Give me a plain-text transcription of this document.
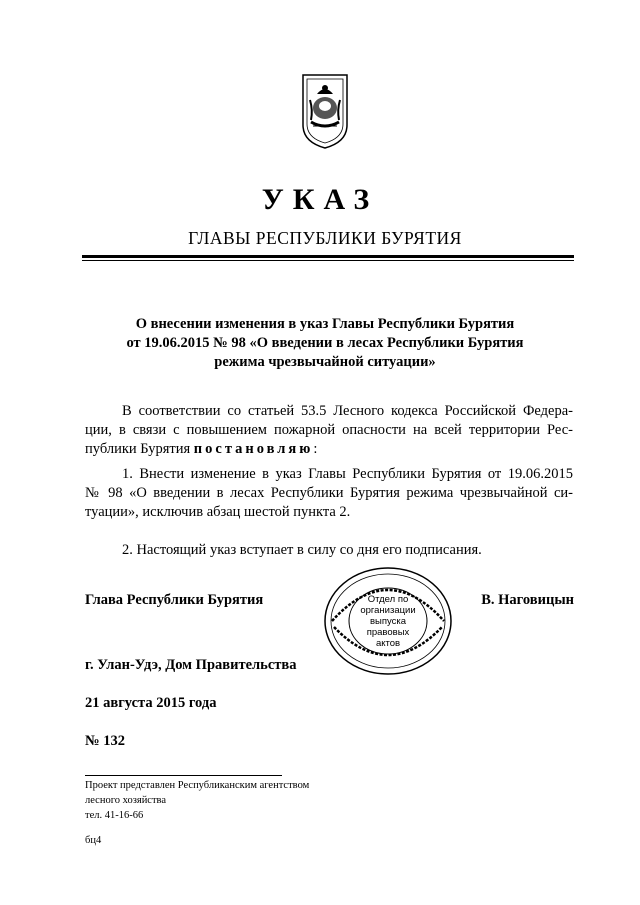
УКАЗ
ГЛАВЫ РЕСПУБЛИКИ БУРЯТИЯ
О внесении изменения в указ Главы Республики Бурятия
от 19.06.2015 № 98 «О введении в лесах Республики Бурятия
режима чрезвычайной ситуации»
В соответствии со статьей 53.5 Лесного кодекса Российской Федера-
ции, в связи с повышением пожарной опасности на всей территории Рес-
публики Бурятия постановляю:
1. Внести изменение в указ Главы Республики Бурятия от 19.06.2015
№ 98 «О введении в лесах Республики Бурятия режима чрезвычайной си-
туации», исключив абзац шестой пункта 2.
2. Настоящий указ вступает в силу со дня его подписания.
Глава Республики Бурятия	Отдел по
организации
выпуска
правовых
актов
В. Наговицын
г. Улан-Удэ, Дом Правительства
21 августа 2015 года
№ 132
Проект представлен Республиканским агентством
лесного хозяйства
тел. 41-16-66
бц4
